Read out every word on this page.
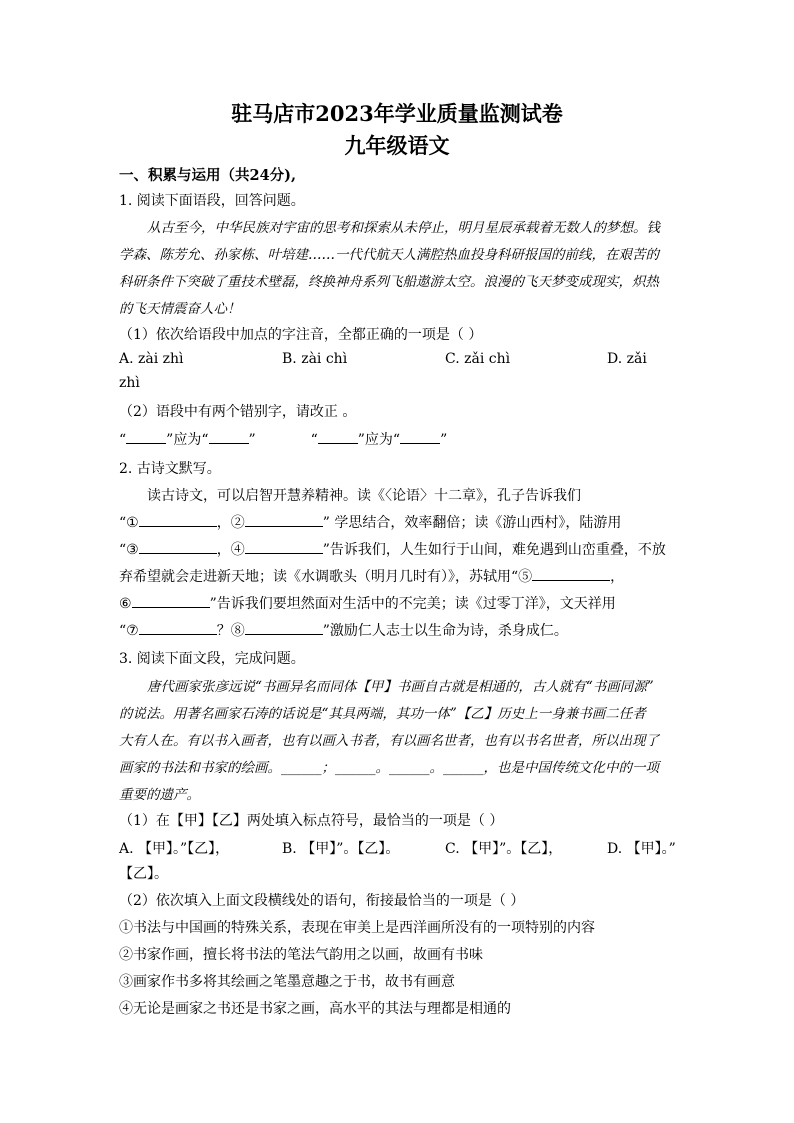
驻马店市2023年学业质量监测试卷
九年级语文
一、积累与运用（共24分),
1. 阅读下面语段，回答问题。
从古至今，中华民族对宇宙的思考和探索从未停止，明月星辰承载着无数人的梦想。钱
学森、陈芳允、孙家栋、叶培建……一代代航天人满腔热血投身科研报国的前线，在艰苦的
科研条件下突破了重技术壁磊，终换神舟系列飞船遨游太空。浪漫的飞天梦变成现实，炽热
的飞天情震奋人心！
（1）依次给语段中加点的字注音，全都正确的一项是（ ）
A. zài zhì	B. zài chì	C. zǎi chì	D. zǎi
zhì
（2）语段中有两个错别字，请改正 。
“	”应为“	”	“	”应为“	”
2. 古诗文默写。
读古诗文，可以启智开慧养精神。读《〈论语〉十二章》，孔子告诉我们
“①	，②	” 学思结合，效率翻倍；读《游山西村》，陆游用
“③	，④	”告诉我们，人生如行于山间，难免遇到山峦重叠，不放
弃希望就会走进新天地；读《水调歌头（明月几时有）》，苏轼用“⑤	，
⑥	”告诉我们要坦然面对生活中的不完美；读《过零丁洋》，文天祥用
“⑦	？⑧	”激励仁人志士以生命为诗，杀身成仁。
3. 阅读下面文段，完成问题。
唐代画家张彦远说“书画异名而同体【甲】书画自古就是相通的，古人就有“书画同源”
的说法。用著名画家石涛的话说是“其具两端，其功一体”【乙】历史上一身兼书画二任者
大有人在。有以书入画者，也有以画入书者，有以画名世者，也有以书名世者，所以出现了
画家的书法和书家的绘画。______；______。______。______，也是中国传统文化中的一项
重要的遗产。
（1）在【甲】【乙】两处填入标点符号，最恰当的一项是（ ）
A. 【甲】。”【乙】，	B. 【甲】”。【乙】。	C. 【甲】”。【乙】，	D. 【甲】。”
【乙】。
（2）依次填入上面文段横线处的语句，衔接最恰当的一项是（ ）
①书法与中国画的特殊关系，表现在审美上是西洋画所没有的一项特别的内容
②书家作画，擅长将书法的笔法气韵用之以画，故画有书味
③画家作书多将其绘画之笔墨意趣之于书，故书有画意
④无论是画家之书还是书家之画，高水平的其法与理都是相通的
